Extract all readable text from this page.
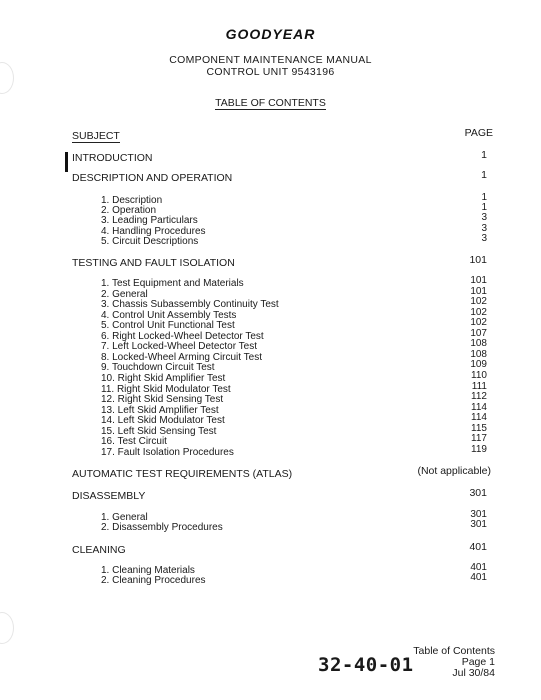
GOODYEAR
COMPONENT MAINTENANCE MANUAL
CONTROL UNIT 9543196
TABLE OF CONTENTS
SUBJECT	PAGE
INTRODUCTION	1
DESCRIPTION AND OPERATION	1
1. Description	1
2. Operation	1
3. Leading Particulars	3
4. Handling Procedures	3
5. Circuit Descriptions	3
TESTING AND FAULT ISOLATION	101
1. Test Equipment and Materials	101
2. General	101
3. Chassis Subassembly Continuity Test	102
4. Control Unit Assembly Tests	102
5. Control Unit Functional Test	102
6. Right Locked-Wheel Detector Test	107
7. Left Locked-Wheel Detector Test	108
8. Locked-Wheel Arming Circuit Test	108
9. Touchdown Circuit Test	109
10. Right Skid Amplifier Test	110
11. Right Skid Modulator Test	111
12. Right Skid Sensing Test	112
13. Left Skid Amplifier Test	114
14. Left Skid Modulator Test	114
15. Left Skid Sensing Test	115
16. Test Circuit	117
17. Fault Isolation Procedures	119
AUTOMATIC TEST REQUIREMENTS (ATLAS)	(Not applicable)
DISASSEMBLY	301
1. General	301
2. Disassembly Procedures	301
CLEANING	401
1. Cleaning Materials	401
2. Cleaning Procedures	401
32-40-01
Table of Contents
Page 1
Jul 30/84
